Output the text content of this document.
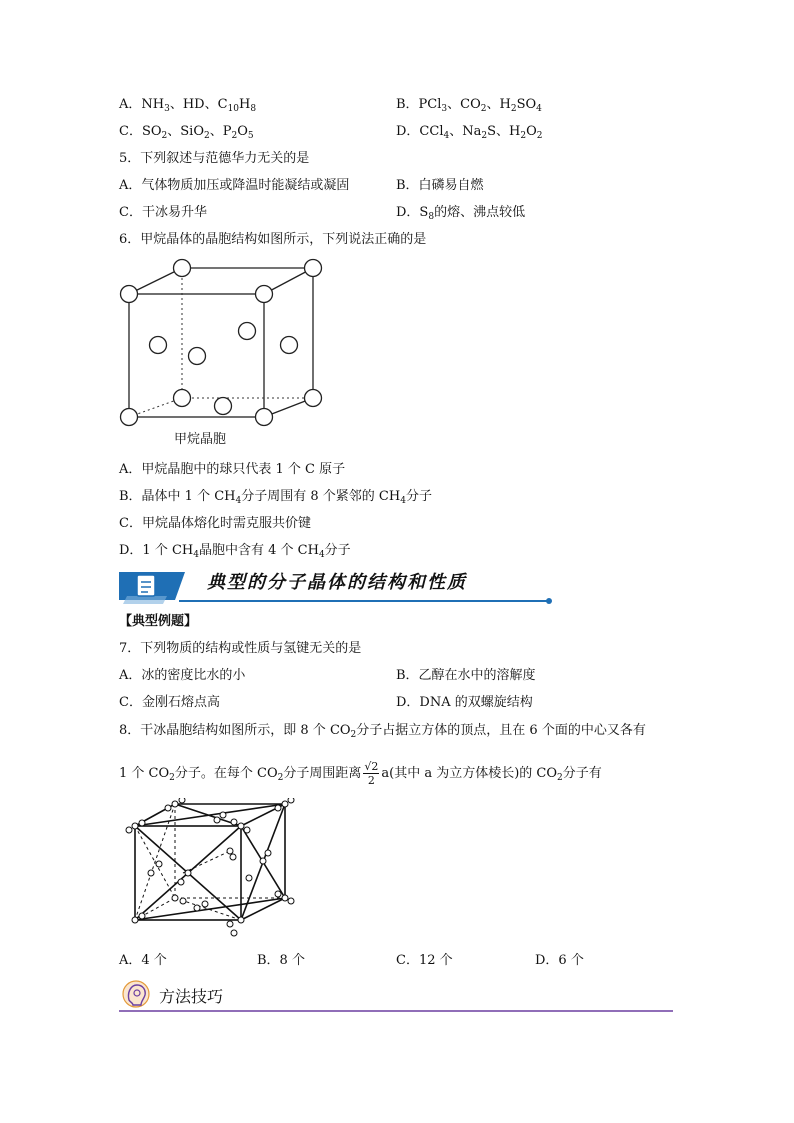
A．$NH_3$、HD、$C_{10}H_8$	B．PCl$_3$、$CO_2$、$H_2SO_4$
C．$SO_2$、SiO$_2$、$P_2O_5$	D．CCl$_4$、$Na_2S$、$H_2O_2$
5．下列叙述与范德华力无关的是
A．气体物质加压或降温时能凝结或凝固	B．白磷易自燃
C．干冰易升华	D．$S_8$的熔、沸点较低
6．甲烷晶体的晶胞结构如图所示，下列说法正确的是
甲烷晶胞
A．甲烷晶胞中的球只代表 1 个 C 原子
B．晶体中 1 个 $CH_4$分子周围有 8 个紧邻的 $CH_4$分子
C．甲烷晶体熔化时需克服共价键
D．1 个 $CH_4$晶胞中含有 4 个 $CH_4$分子
典型的分子晶体的结构和性质
【典型例题】
7．下列物质的结构或性质与氢键无关的是
A．冰的密度比水的小	B．乙醇在水中的溶解度
C．金刚石熔点高	D．DNA 的双螺旋结构
8．干冰晶胞结构如图所示，即 8 个 $CO_2$分子占据立方体的顶点，且在 6 个面的中心又各有
1 个 $CO_2$分子。在每个 $CO_2$分子周围距离 $\frac{√2}{2} a$(其中 a 为立方体棱长)的 $CO_2$分子有
A．4 个	B．8 个	C．12 个	D．6 个
方法技巧
